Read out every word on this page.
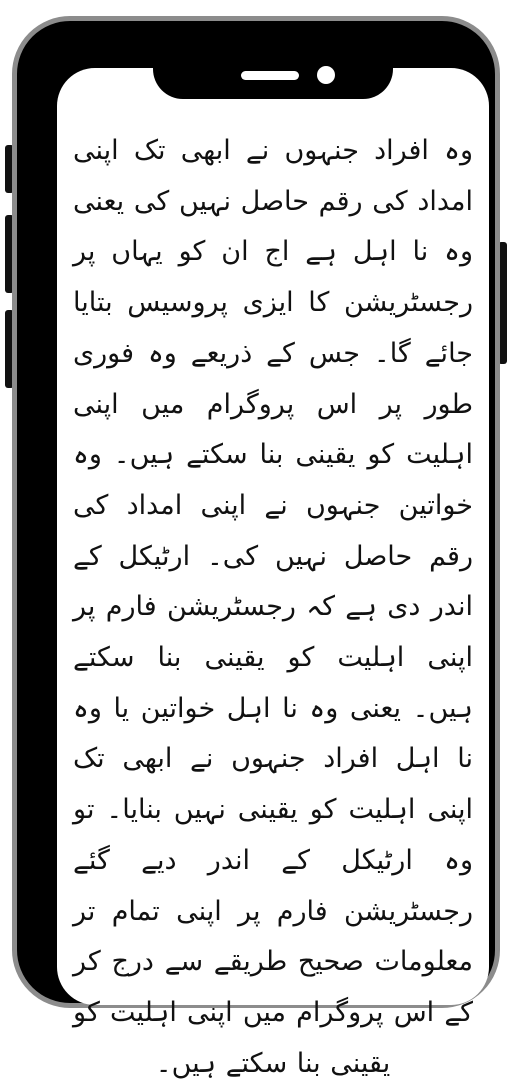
وہ افراد جنہوں نے ابھی تک اپنی امداد کی رقم حاصل نہیں کی یعنی وہ نا اہل ہے اج ان کو یہاں پر رجسٹریشن کا ایزی پروسیس بتایا جائے گا۔ جس کے ذریعے وہ فوری طور پر اس پروگرام میں اپنی اہلیت کو یقینی بنا سکتے ہیں۔ وہ خواتین جنہوں نے اپنی امداد کی رقم حاصل نہیں کی۔ ارٹیکل کے اندر دی ہے کہ رجسٹریشن فارم پر اپنی اہلیت کو یقینی بنا سکتے ہیں۔ یعنی وہ نا اہل خواتین یا وہ نا اہل افراد جنہوں نے ابھی تک اپنی اہلیت کو یقینی نہیں بنایا۔ تو وہ ارٹیکل کے اندر دیے گئے رجسٹریشن فارم پر اپنی تمام تر معلومات صحیح طریقے سے درج کر کے اس پروگرام میں اپنی اہلیت کو یقینی بنا سکتے ہیں۔
